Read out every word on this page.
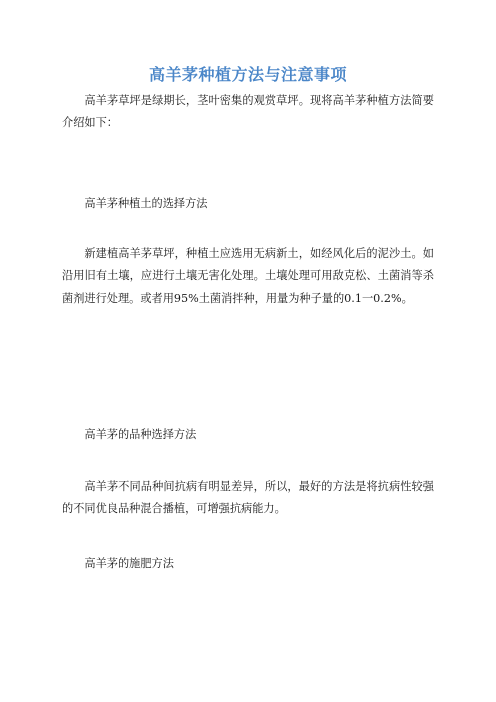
高羊茅种植方法与注意事项

高羊茅草坪是绿期长，茎叶密集的观赏草坪。现将高羊茅种植方法简要介绍如下：

高羊茅种植土的选择方法

新建植高羊茅草坪，种植土应选用无病新土，如经风化后的泥沙土。如沿用旧有土壤，应进行土壤无害化处理。土壤处理可用敌克松、土菌消等杀菌剂进行处理。或者用95%土菌消拌种，用量为种子量的0.1一0.2%。

高羊茅的品种选择方法

高羊茅不同品种间抗病有明显差异，所以，最好的方法是将抗病性较强的不同优良品种混合播植，可增强抗病能力。

高羊茅的施肥方法
